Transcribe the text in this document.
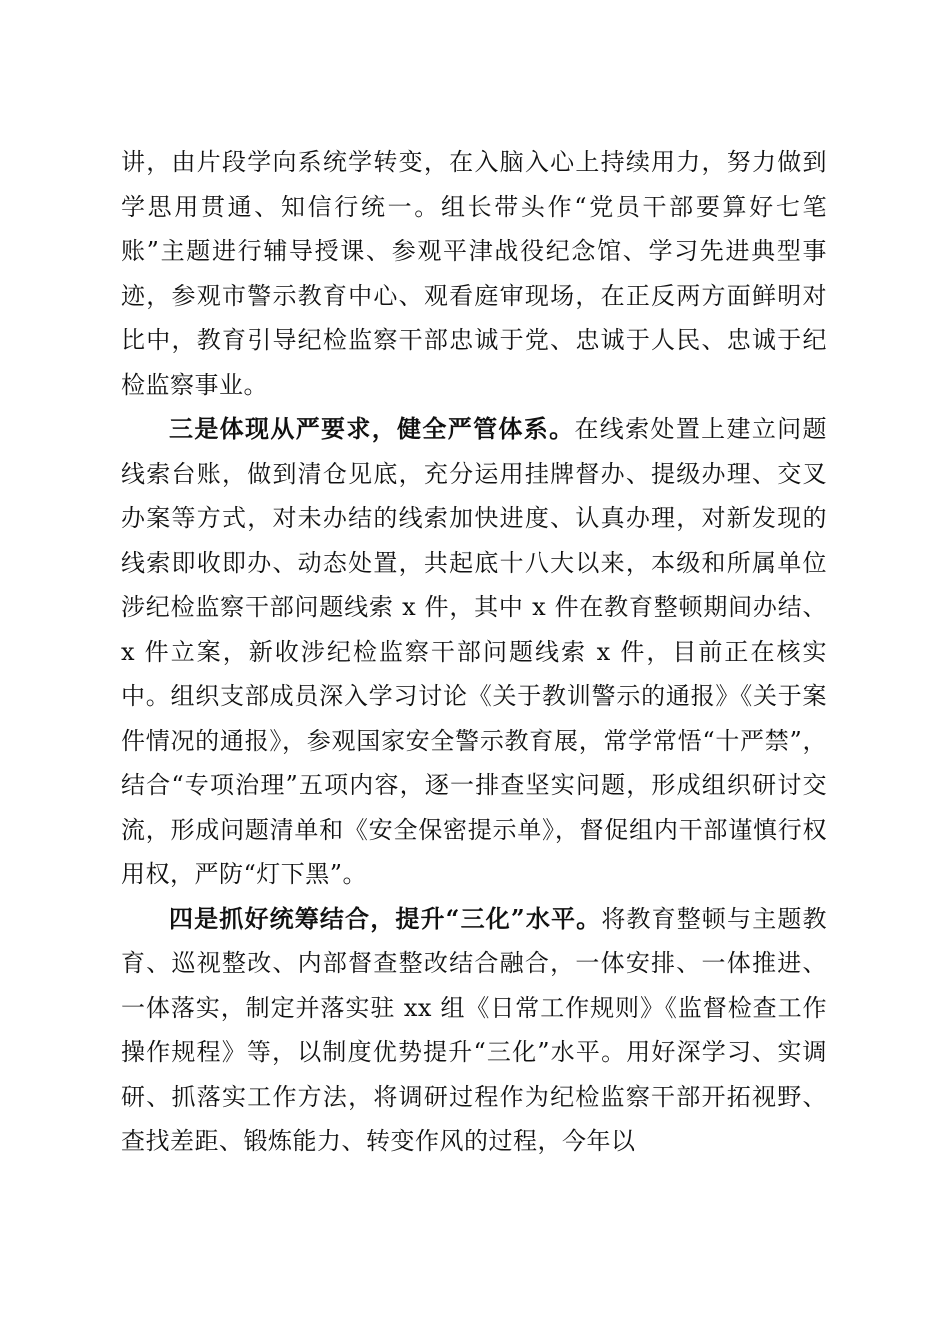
讲，由片段学向系统学转变，在入脑入心上持续用力，努力做到学思用贯通、知信行统一。组长带头作“党员干部要算好七笔账”主题进行辅导授课、参观平津战役纪念馆、学习先进典型事迹，参观市警示教育中心、观看庭审现场，在正反两方面鲜明对比中，教育引导纪检监察干部忠诚于党、忠诚于人民、忠诚于纪检监察事业。

三是体现从严要求，健全严管体系。在线索处置上建立问题线索台账，做到清仓见底，充分运用挂牌督办、提级办理、交叉办案等方式，对未办结的线索加快进度、认真办理，对新发现的线索即收即办、动态处置，共起底十八大以来，本级和所属单位涉纪检监察干部问题线索 x 件，其中 x 件在教育整顿期间办结、x 件立案，新收涉纪检监察干部问题线索 x 件，目前正在核实中。组织支部成员深入学习讨论《关于教训警示的通报》《关于案件情况的通报》，参观国家安全警示教育展，常学常悟“十严禁”，结合“专项治理”五项内容，逐一排查坚实问题，形成组织研讨交流，形成问题清单和《安全保密提示单》，督促组内干部谨慎行权用权，严防“灯下黑”。

四是抓好统筹结合，提升“三化”水平。将教育整顿与主题教育、巡视整改、内部督查整改结合融合，一体安排、一体推进、一体落实，制定并落实驻 xx 组《日常工作规则》《监督检查工作操作规程》等，以制度优势提升“三化”水平。用好深学习、实调研、抓落实工作方法，将调研过程作为纪检监察干部开拓视野、查找差距、锻炼能力、转变作风的过程，今年以
